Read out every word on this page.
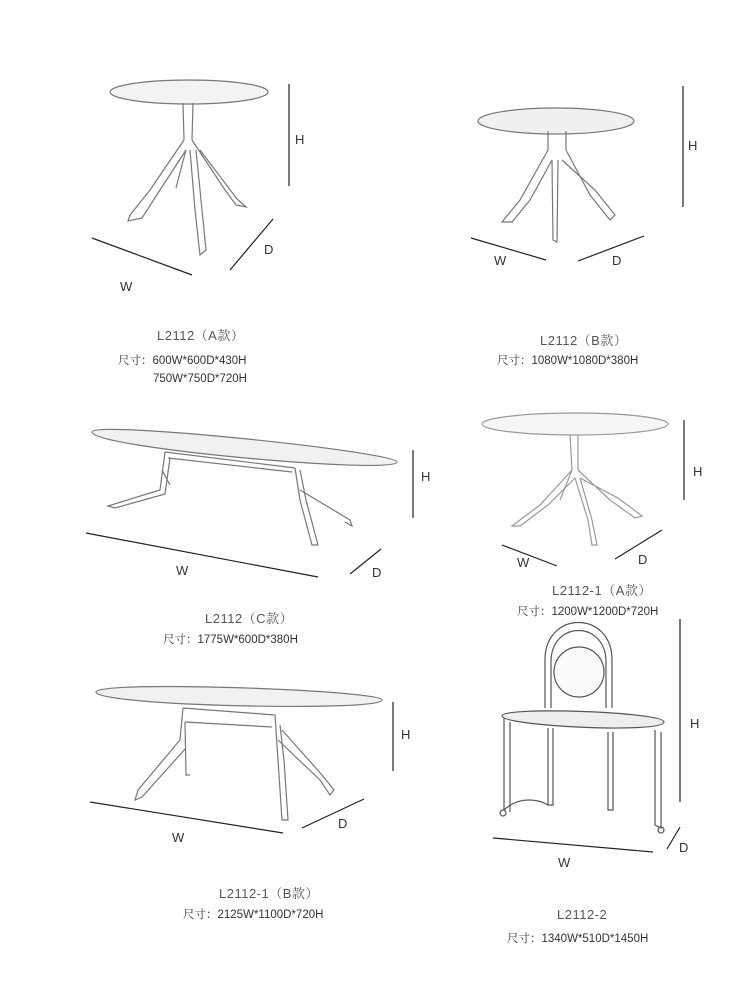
H
W
D
L2112（A款）
尺寸：600W*600D*430H
750W*750D*720H
H
W	D
L2112（B款）
尺寸：1080W*1080D*380H
H
W	D
L2112（C款）
尺寸：1775W*600D*380H
H
W	D
L2112-1（A款）
尺寸：1200W*1200D*720H
H
W
D
L2112-1（B款）
尺寸：2125W*1100D*720H
H
W
D
L2112-2
尺寸：1340W*510D*1450H
